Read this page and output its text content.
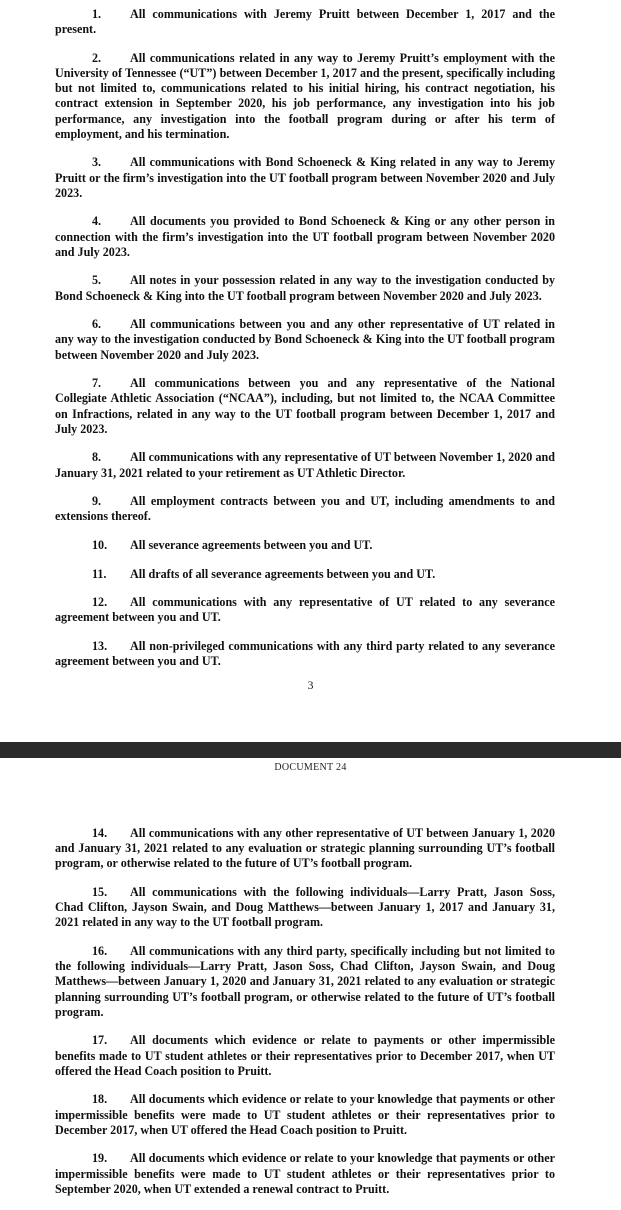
1. All communications with Jeremy Pruitt between December 1, 2017 and the present.

2. All communications related in any way to Jeremy Pruitt’s employment with the University of Tennessee (“UT”) between December 1, 2017 and the present, specifically including but not limited to, communications related to his initial hiring, his contract negotiation, his contract extension in September 2020, his job performance, any investigation into his job performance, any investigation into the football program during or after his term of employment, and his termination.

3. All communications with Bond Schoeneck & King related in any way to Jeremy Pruitt or the firm’s investigation into the UT football program between November 2020 and July 2023.

4. All documents you provided to Bond Schoeneck & King or any other person in connection with the firm’s investigation into the UT football program between November 2020 and July 2023.

5. All notes in your possession related in any way to the investigation conducted by Bond Schoeneck & King into the UT football program between November 2020 and July 2023.

6. All communications between you and any other representative of UT related in any way to the investigation conducted by Bond Schoeneck & King into the UT football program between November 2020 and July 2023.

7. All communications between you and any representative of the National Collegiate Athletic Association (“NCAA”), including, but not limited to, the NCAA Committee on Infractions, related in any way to the UT football program between December 1, 2017 and July 2023.

8. All communications with any representative of UT between November 1, 2020 and January 31, 2021 related to your retirement as UT Athletic Director.

9. All employment contracts between you and UT, including amendments to and extensions thereof.

10. All severance agreements between you and UT.

11. All drafts of all severance agreements between you and UT.

12. All communications with any representative of UT related to any severance agreement between you and UT.

13. All non-privileged communications with any third party related to any severance agreement between you and UT.

3
DOCUMENT 24

14. All communications with any other representative of UT between January 1, 2020 and January 31, 2021 related to any evaluation or strategic planning surrounding UT’s football program, or otherwise related to the future of UT’s football program.

15. All communications with the following individuals—Larry Pratt, Jason Soss, Chad Clifton, Jayson Swain, and Doug Matthews—between January 1, 2017 and January 31, 2021 related in any way to the UT football program.

16. All communications with any third party, specifically including but not limited to the following individuals—Larry Pratt, Jason Soss, Chad Clifton, Jayson Swain, and Doug Matthews—between January 1, 2020 and January 31, 2021 related to any evaluation or strategic planning surrounding UT’s football program, or otherwise related to the future of UT’s football program.

17. All documents which evidence or relate to payments or other impermissible benefits made to UT student athletes or their representatives prior to December 2017, when UT offered the Head Coach position to Pruitt.

18. All documents which evidence or relate to your knowledge that payments or other impermissible benefits were made to UT student athletes or their representatives prior to December 2017, when UT offered the Head Coach position to Pruitt.

19. All documents which evidence or relate to your knowledge that payments or other impermissible benefits were made to UT student athletes or their representatives prior to September 2020, when UT extended a renewal contract to Pruitt.
